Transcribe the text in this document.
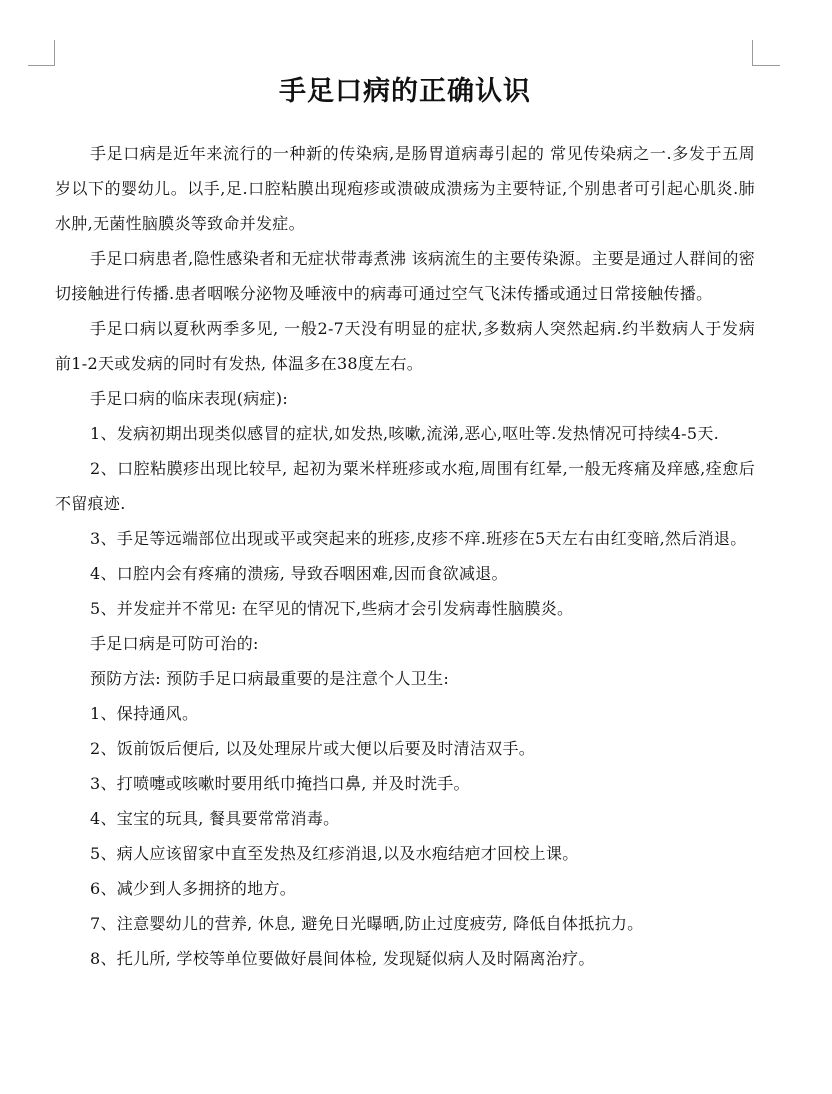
手足口病的正确认识

手足口病是近年来流行的一种新的传染病,是肠胃道病毒引起的 常见传染病之一.多发于五周岁以下的婴幼儿。以手,足.口腔粘膜出现疱疹或溃破成溃疡为主要特证,个别患者可引起心肌炎.肺水肿,无菌性脑膜炎等致命并发症。

手足口病患者,隐性感染者和无症状带毒煮沸 该病流生的主要传染源。主要是通过人群间的密切接触进行传播.患者咽喉分泌物及唾液中的病毒可通过空气飞沫传播或通过日常接触传播。

手足口病以夏秋两季多见, 一般2-7天没有明显的症状,多数病人突然起病.约半数病人于发病前1-2天或发病的同时有发热, 体温多在38度左右。

手足口病的临床表现(病症):

1、发病初期出现类似感冒的症状,如发热,咳嗽,流涕,恶心,呕吐等.发热情况可持续4-5天.

2、口腔粘膜疹出现比较早, 起初为粟米样班疹或水疱,周围有红晕,一般无疼痛及痒感,痊愈后不留痕迹.

3、手足等远端部位出现或平或突起来的班疹,皮疹不痒.班疹在5天左右由红变暗,然后消退。

4、口腔内会有疼痛的溃疡, 导致吞咽困难,因而食欲减退。

5、并发症并不常见: 在罕见的情况下,些病才会引发病毒性脑膜炎。

手足口病是可防可治的:

预防方法: 预防手足口病最重要的是注意个人卫生:

1、保持通风。

2、饭前饭后便后, 以及处理尿片或大便以后要及时清洁双手。

3、打喷嚏或咳嗽时要用纸巾掩挡口鼻, 并及时洗手。

4、宝宝的玩具, 餐具要常常消毒。

5、病人应该留家中直至发热及红疹消退,以及水疱结疤才回校上课。

6、减少到人多拥挤的地方。

7、注意婴幼儿的营养, 休息, 避免日光曝晒,防止过度疲劳, 降低自体抵抗力。

8、托儿所, 学校等单位要做好晨间体检, 发现疑似病人及时隔离治疗。
